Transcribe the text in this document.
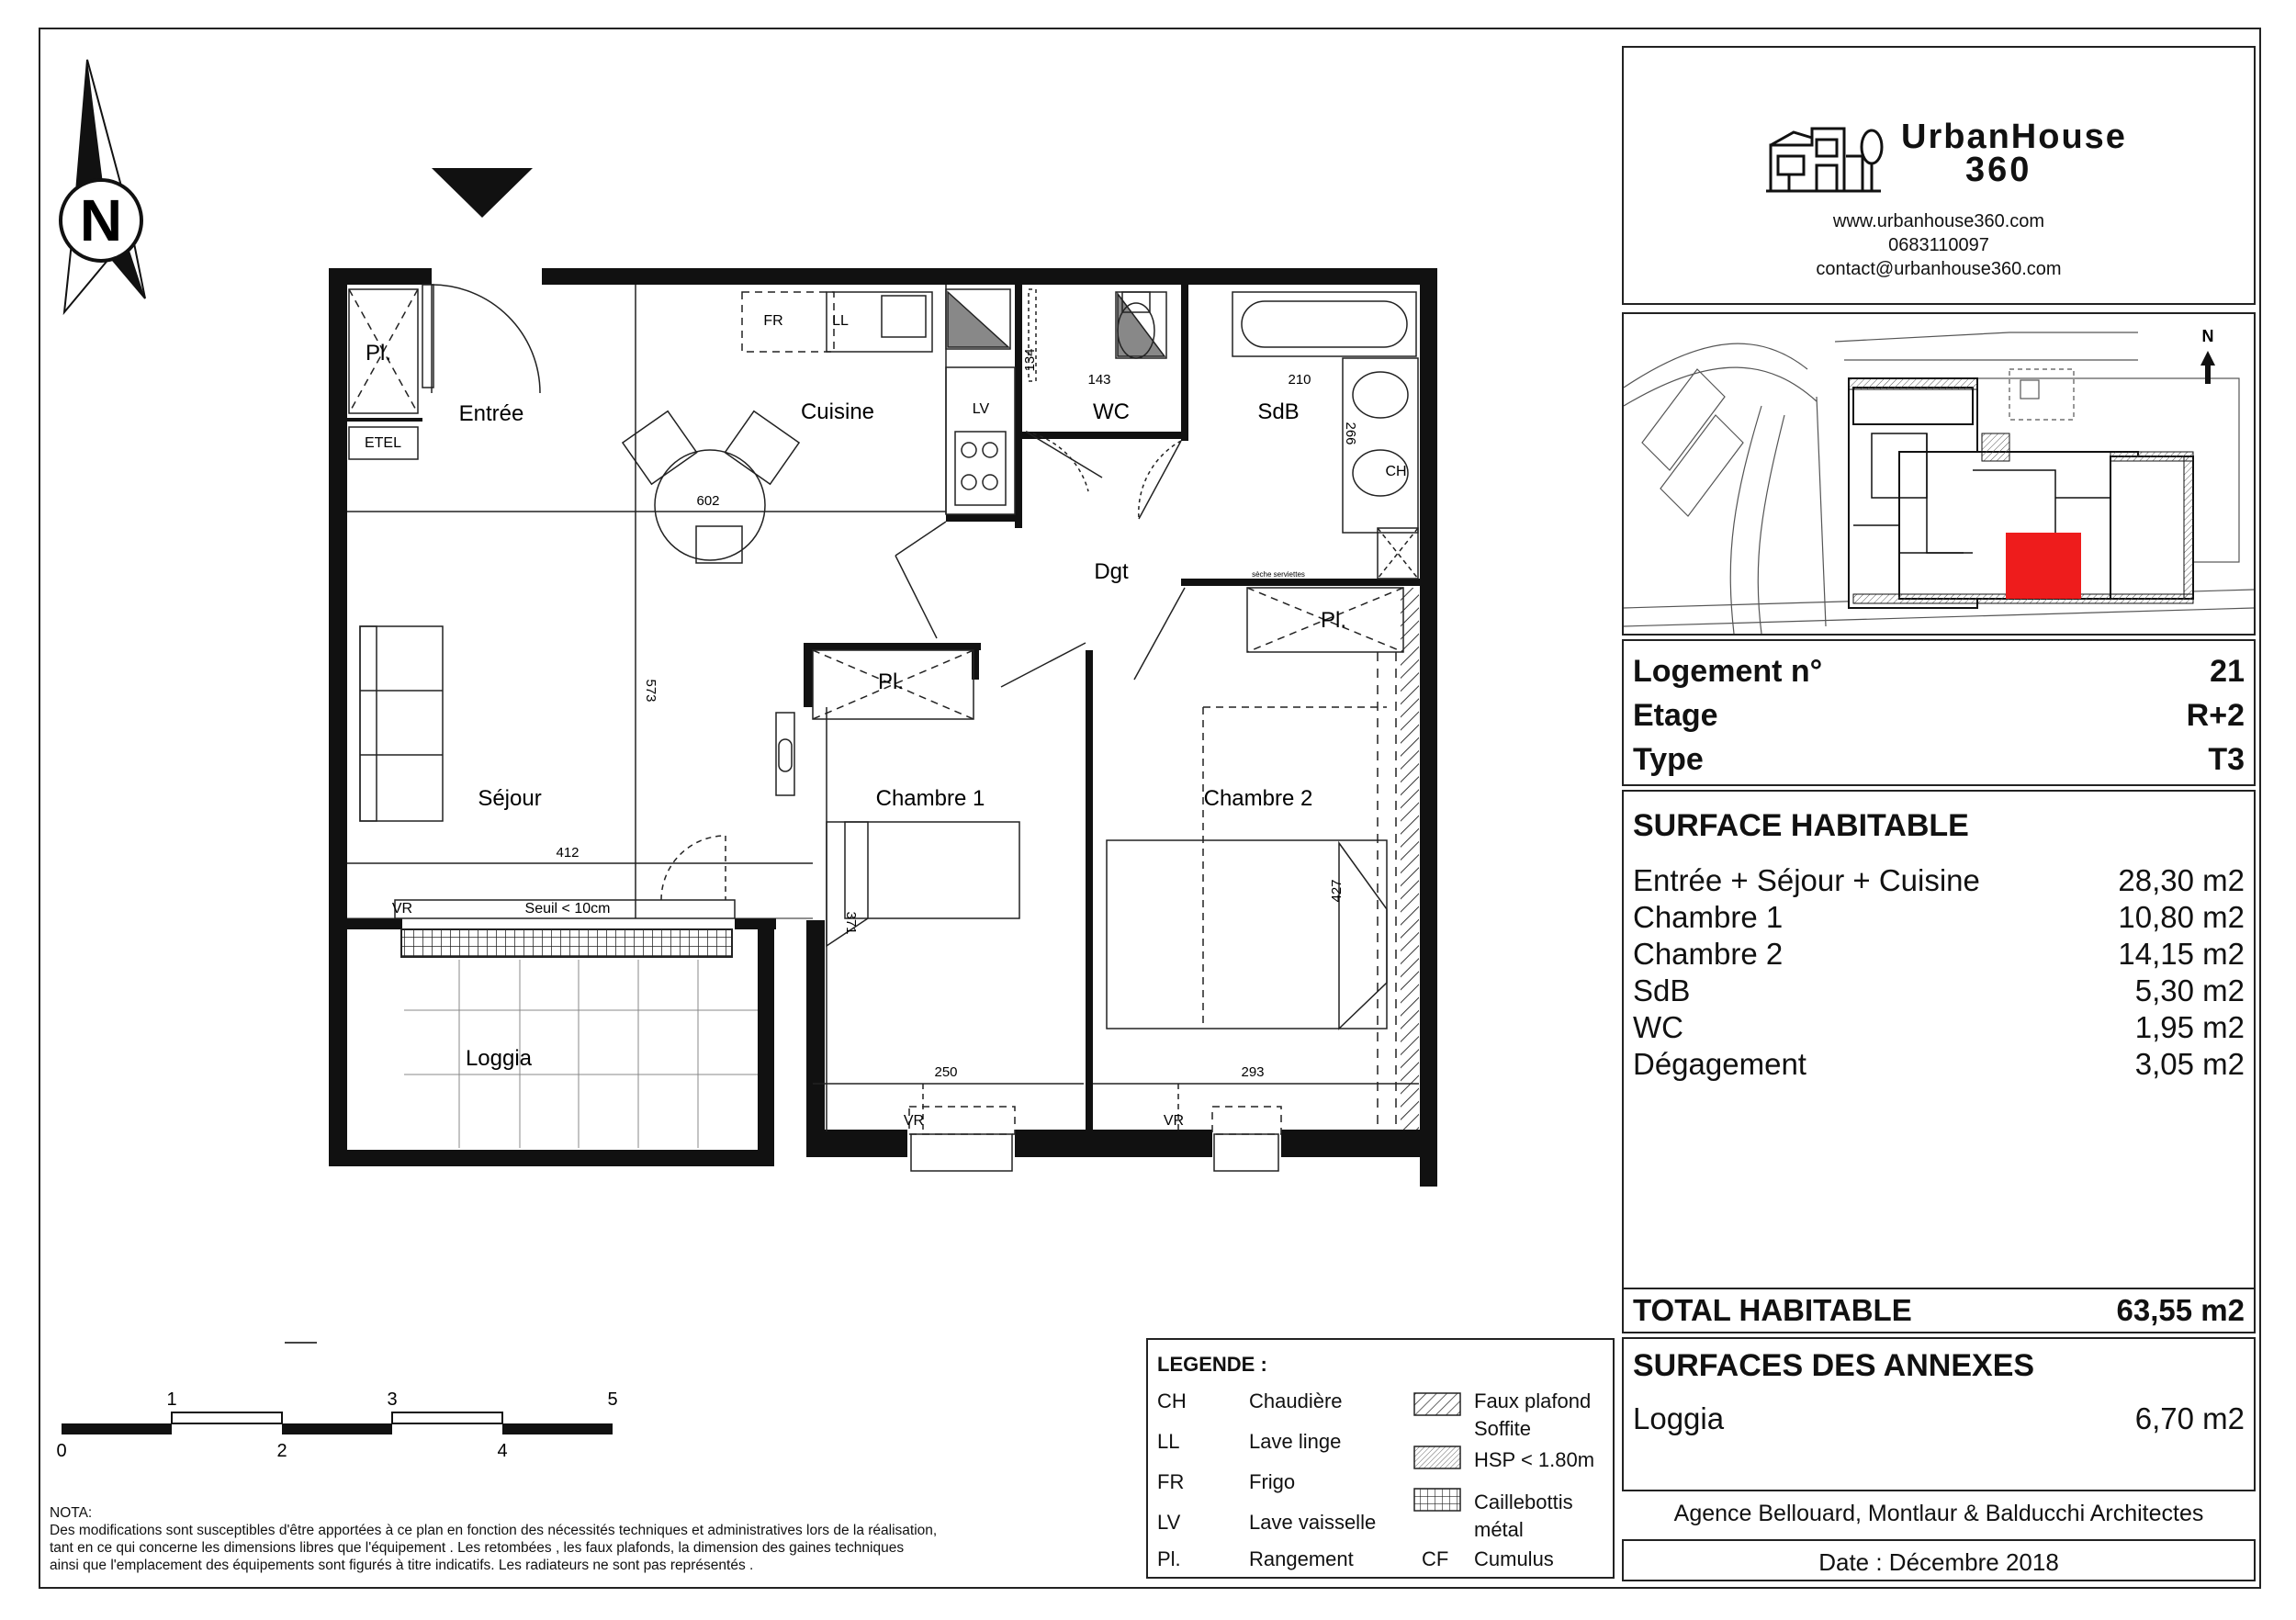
N
Entrée	Cuisine	WC	SdB
Dgt
Séjour	Chambre 1	Chambre 2
Loggia
Pl.
Pl.
Pl.
ETEL
FR	LL
LV
CH
VR
VR	VR
Seuil < 10cm
sèche serviettes
602
412
143	210
250	293
573
134
266
371
427
1	3	5
0	2	4
NOTA:
Des modifications sont susceptibles d'être apportées à ce plan en fonction des nécessités techniques et administratives lors de la réalisation,
tant en ce qui concerne les dimensions libres que l'équipement . Les retombées , les faux plafonds, la dimension des gaines techniques
ainsi que l'emplacement des équipements sont figurés à titre indicatifs. Les radiateurs ne sont pas représentés .
LEGENDE :
CH	Chaudière
LL	Lave linge
FR	Frigo
LV	Lave vaisselle
Pl.	Rangement
Faux plafond
Soffite
HSP < 1.80m
Caillebottis
métal
CF Cumulus
UrbanHouse
360
www.urbanhouse360.com
0683110097
contact@urbanhouse360.com
N
Logement n°	21
Etage	R+2
Type	T3
SURFACE HABITABLE
Entrée + Séjour + Cuisine	28,30 m2
Chambre 1	10,80 m2
Chambre 2	14,15 m2
SdB	5,30 m2
WC	1,95 m2
Dégagement	3,05 m2
TOTAL HABITABLE	63,55 m2
SURFACES DES ANNEXES
Loggia	6,70 m2
Agence Bellouard, Montlaur & Balducchi Architectes
Date : Décembre 2018
